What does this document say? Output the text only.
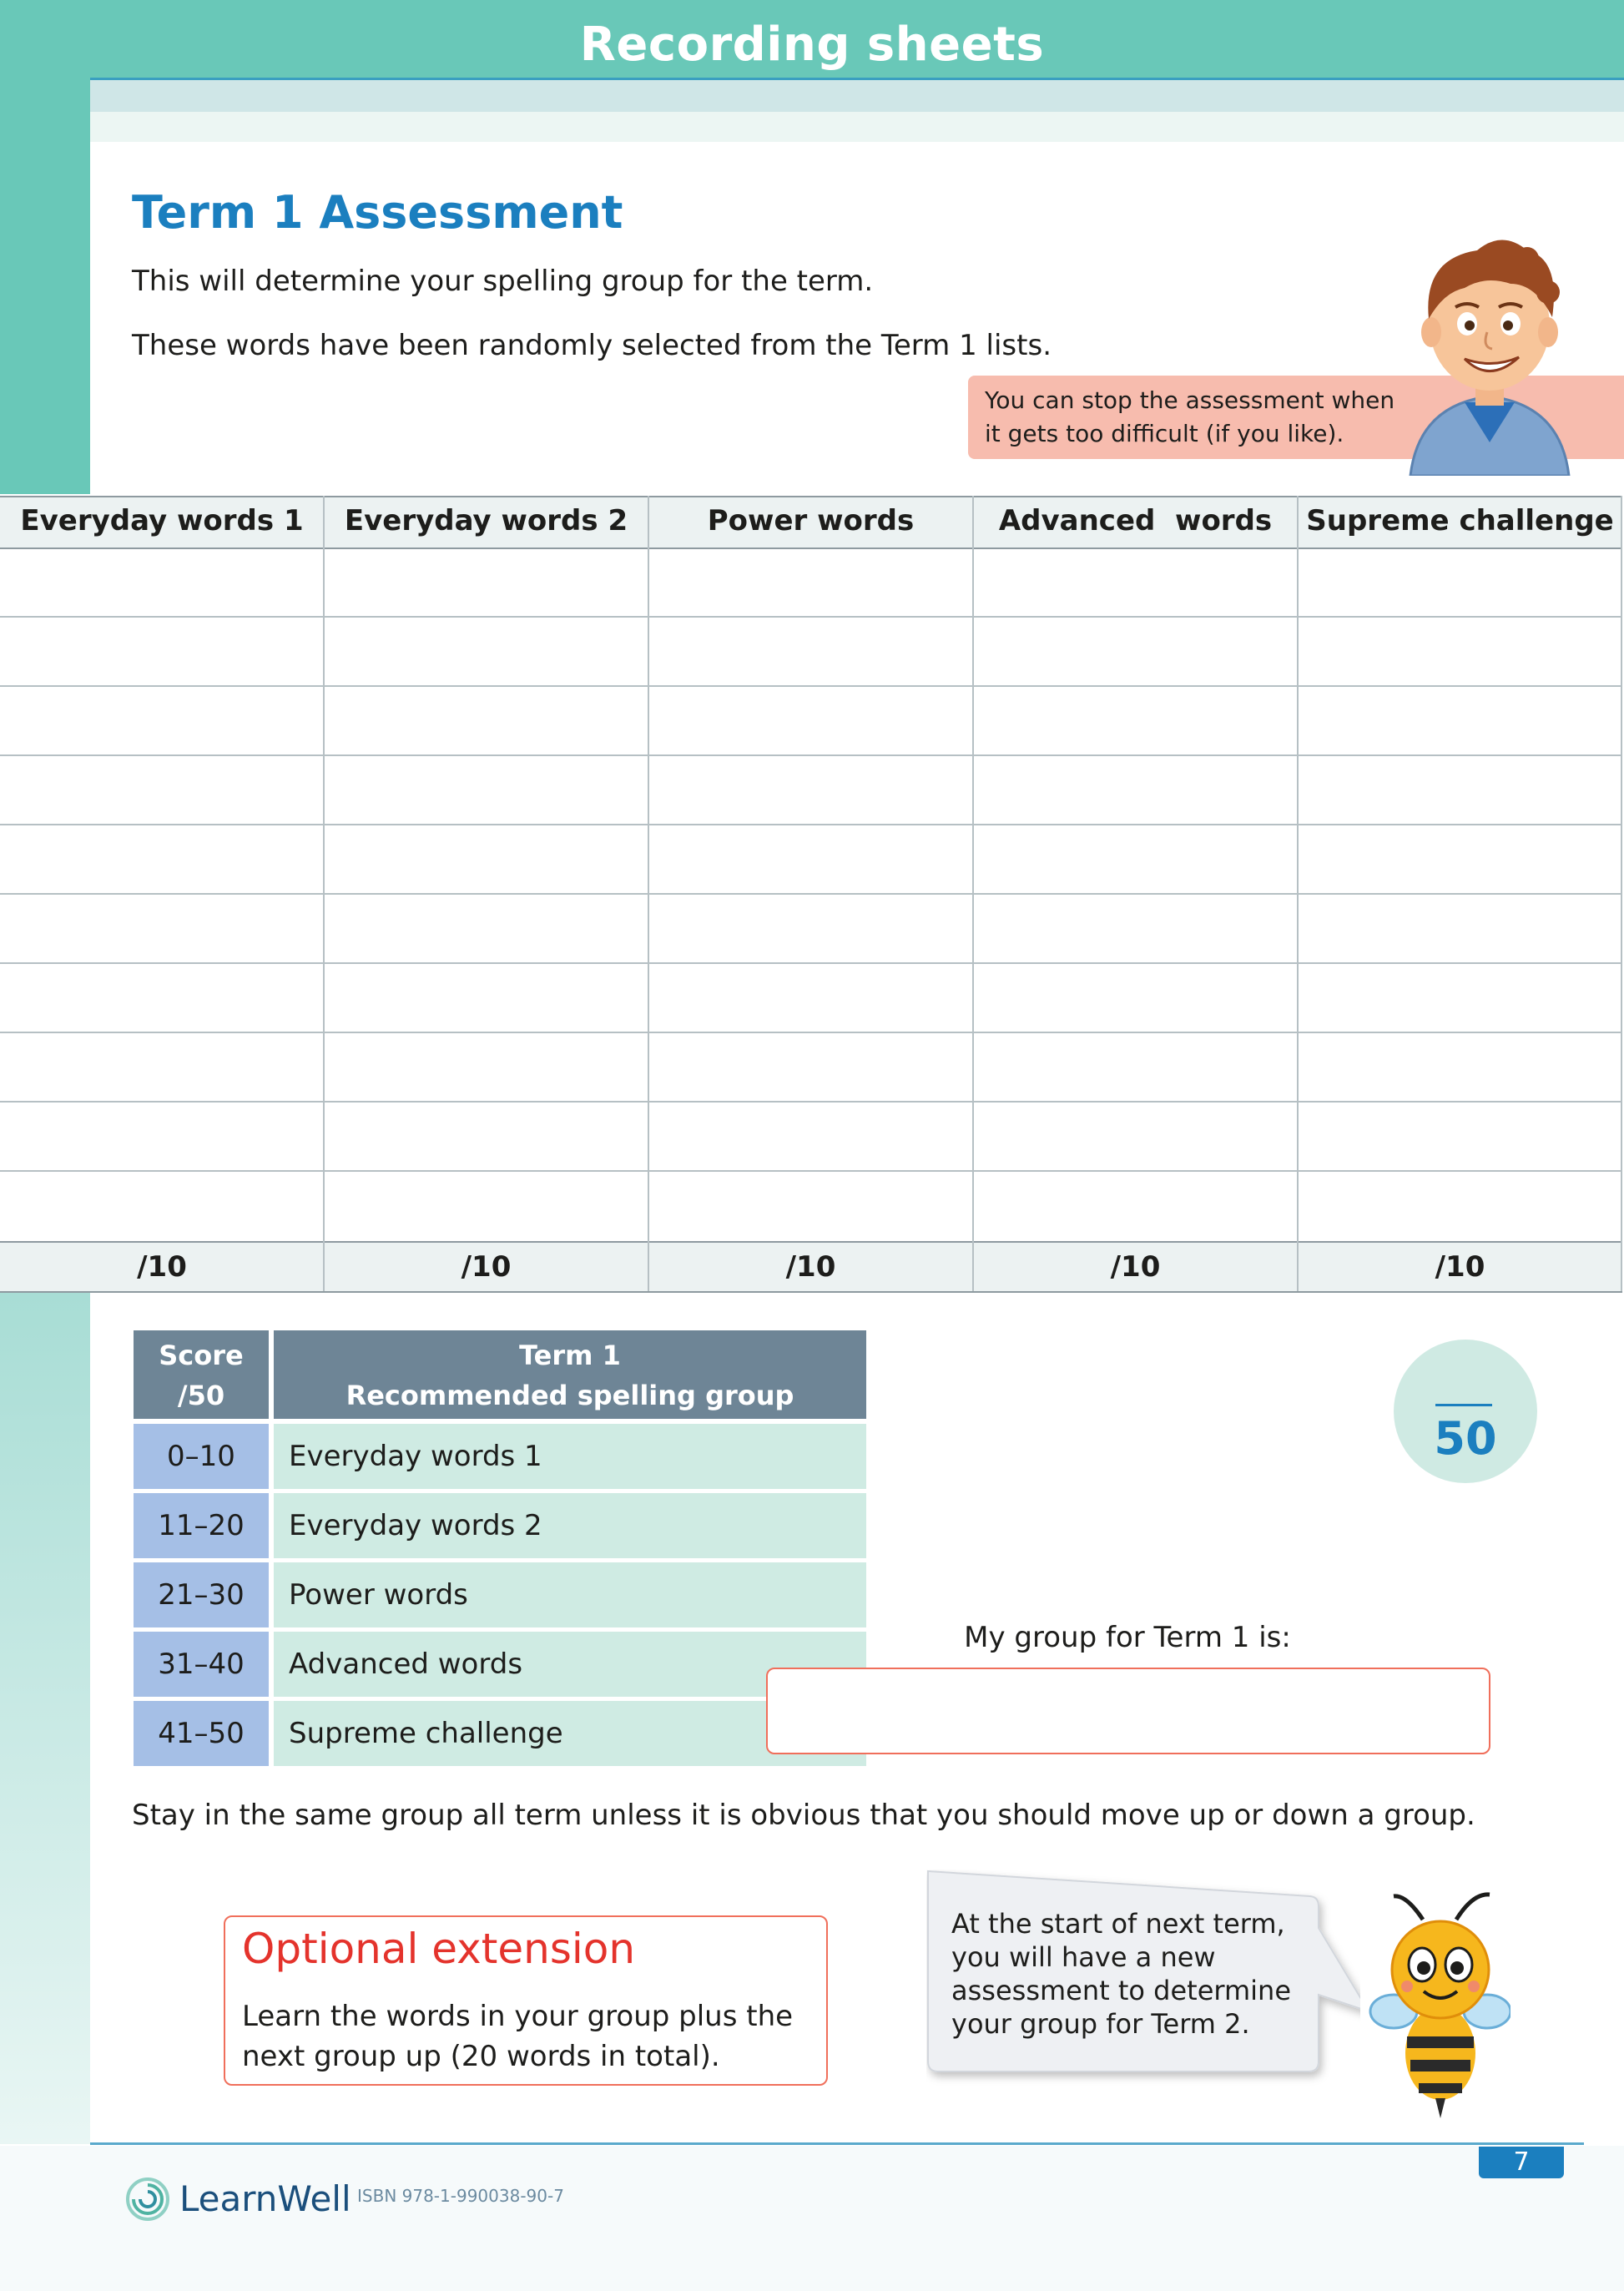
Recording sheets
Term 1 Assessment
This will determine your spelling group for the term.
These words have been randomly selected from the Term 1 lists.
You can stop the assessment when
it gets too difficult (if you like).
Everyday words 1	Everyday words 2	Power words	Advanced  words	Supreme challenge
/10	/10	/10	/10	/10
Score
/50
Term 1
Recommended spelling group
0–10	Everyday words 1
11–20	Everyday words 2
21–30	Power words
31–40	Advanced words
41–50	Supreme challenge
50
My group for Term 1 is:
Stay in the same group all term unless it is obvious that you should move up or down a group.
Optional extension
Learn the words in your group plus the
next group up (20 words in total).
At the start of next term,
you will have a new
assessment to determine
your group for Term 2.
7
LearnWell ISBN 978-1-990038-90-7
